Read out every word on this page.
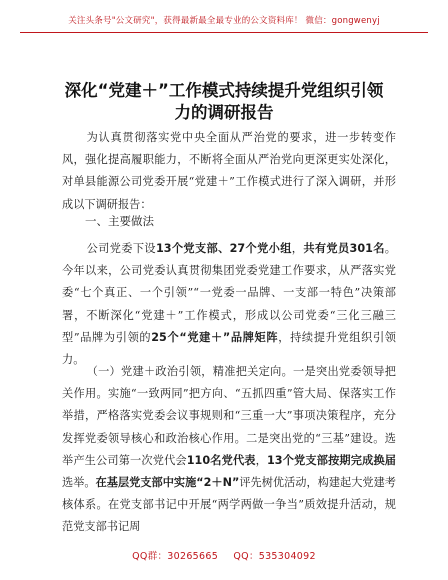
关注头条号"公文研究"，获得最新最全最专业的公文资料库！ 微信：gongwenyj
深化“党建＋”工作模式持续提升党组织引领
力的调研报告
为认真贯彻落实党中央全面从严治党的要求，进一步转变作风，强化提高履职能力，不断将全面从严治党向更深更实处深化，对单县能源公司党委开展“党建＋”工作模式进行了深入调研，并形成以下调研报告：
一、主要做法
公司党委下设13个党支部、27个党小组，共有党员301名。今年以来，公司党委认真贯彻集团党委党建工作要求，从严落实党委“七个真正、一个引领”“一党委一品牌、一支部一特色”决策部署，不断深化“党建＋”工作模式，形成以公司党委“三化三融三型”品牌为引领的25个“党建＋”品牌矩阵，持续提升党组织引领力。
（一）党建＋政治引领，精准把关定向。一是突出党委领导把关作用。实施“一致两同”把方向、“五抓四重”管大局、保落实工作举措，严格落实党委会议事规则和“三重一大”事项决策程序，充分发挥党委领导核心和政治核心作用。二是突出党的“三基”建设。选举产生公司第一次党代会110名党代表，13个党支部按期完成换届选举。在基层党支部中实施“2＋N”评先树优活动，构建起大党建考核体系。在党支部书记中开展“两学两做一争当”质效提升活动，规范党支部书记周
QQ群：30265665 QQ：535304092
